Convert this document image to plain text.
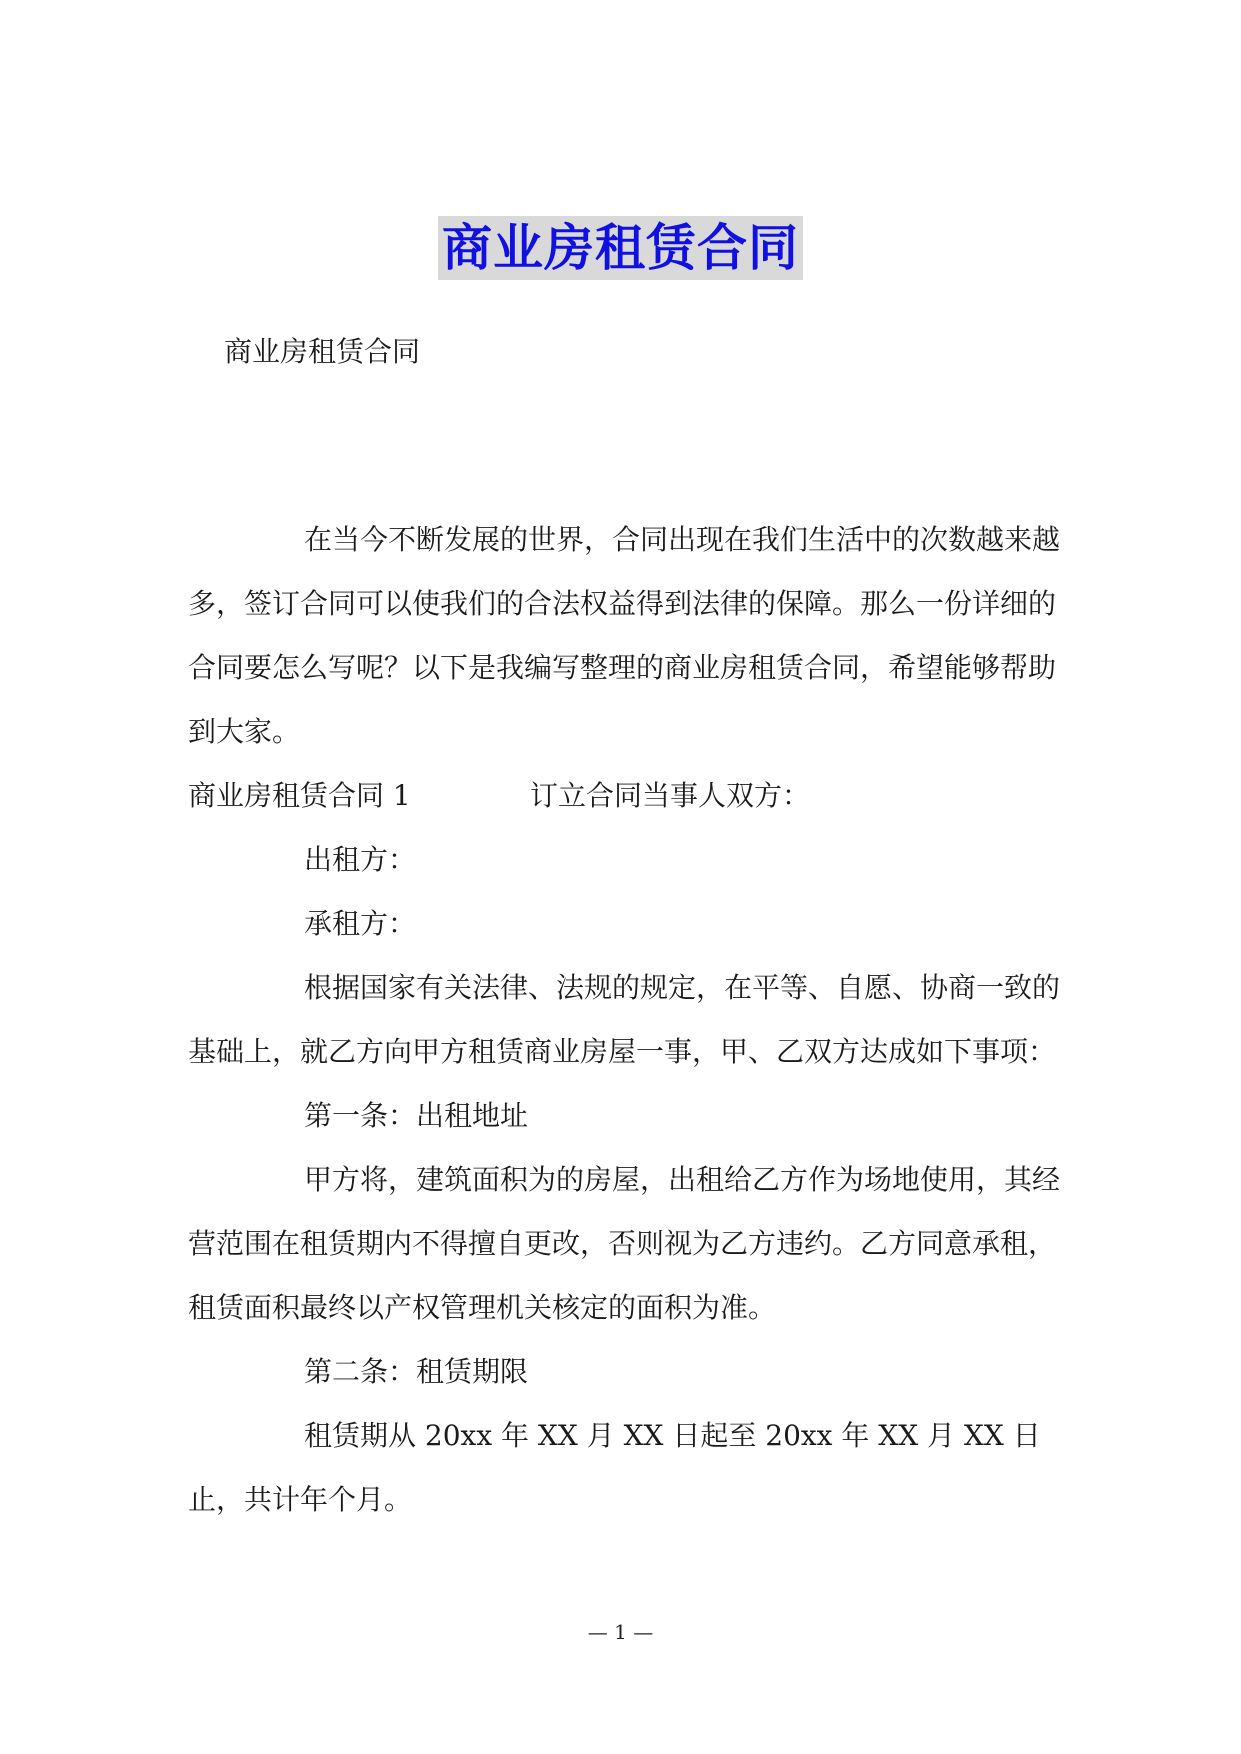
商业房租赁合同

商业房租赁合同

在当今不断发展的世界，合同出现在我们生活中的次数越来越多，签订合同可以使我们的合法权益得到法律的保障。那么一份详细的合同要怎么写呢？以下是我编写整理的商业房租赁合同，希望能够帮助到大家。

商业房租赁合同 1	订立合同当事人双方：

出租方：

承租方：

根据国家有关法律、法规的规定，在平等、自愿、协商一致的基础上，就乙方向甲方租赁商业房屋一事，甲、乙双方达成如下事项：

第一条：出租地址

甲方将，建筑面积为的房屋，出租给乙方作为场地使用，其经营范围在租赁期内不得擅自更改，否则视为乙方违约。乙方同意承租，租赁面积最终以产权管理机关核定的面积为准。

第二条：租赁期限

租赁期从 20xx 年 XX 月 XX 日起至 20xx 年 XX 月 XX 日止，共计年个月。

— 1 —
